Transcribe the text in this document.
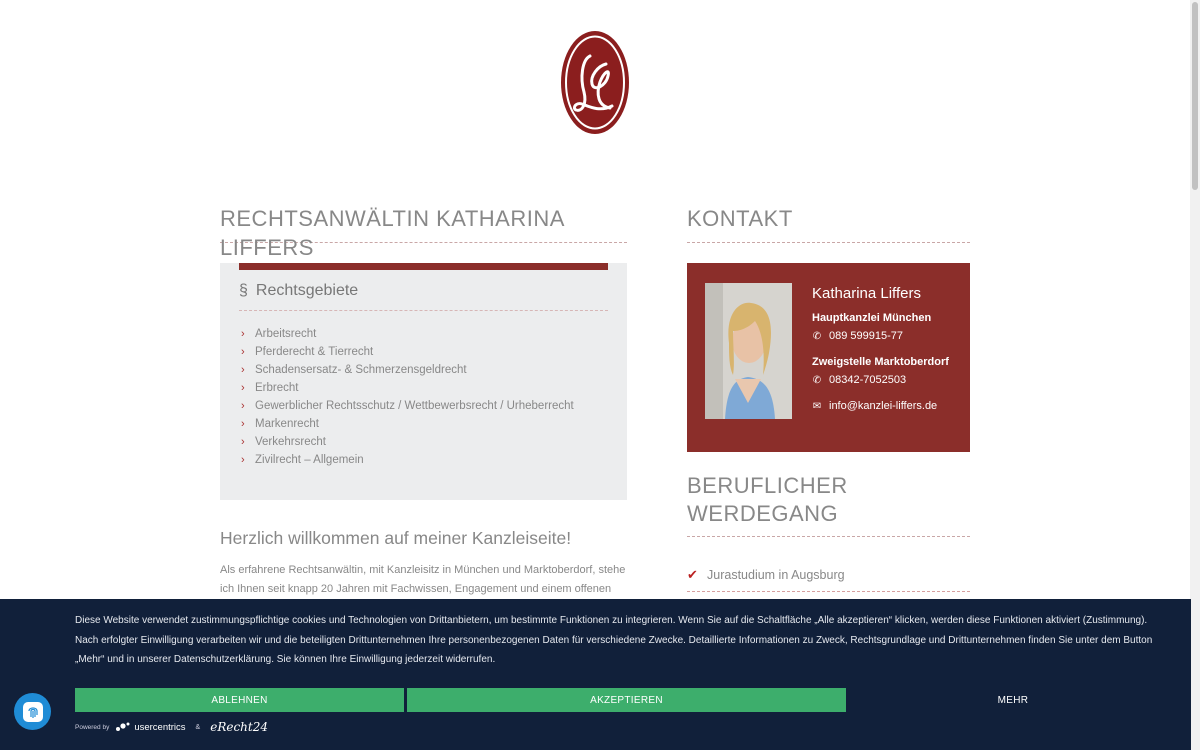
RECHTSANWÄLTIN KATHARINA LIFFERS
§ Rechtsgebiete
› Arbeitsrecht
› Pferderecht & Tierrecht
› Schadensersatz- & Schmerzensgeldrecht
› Erbrecht
› Gewerblicher Rechtsschutz / Wettbewerbsrecht / Urheberrecht
› Markenrecht
› Verkehrsrecht
› Zivilrecht – Allgemein
Herzlich willkommen auf meiner Kanzleiseite!

Als erfahrene Rechtsanwältin, mit Kanzleisitz in München und Marktoberdorf, stehe ich Ihnen seit knapp 20 Jahren mit Fachwissen, Engagement und einem offenen

KONTAKT
Katharina Liffers
Hauptkanzlei München
✆ 089 599915-77
Zweigstelle Marktoberdorf
✆ 08342-7052503
✉ info@kanzlei-liffers.de
BERUFLICHER WERDEGANG
✔ Jurastudium in Augsburg

Diese Website verwendet zustimmungspflichtige cookies und Technologien von Drittanbietern, um bestimmte Funktionen zu integrieren. Wenn Sie auf die Schaltfläche „Alle akzeptieren“ klicken, werden diese Funktionen aktiviert (Zustimmung). Nach erfolgter Einwilligung verarbeiten wir und die beteiligten Drittunternehmen Ihre personenbezogenen Daten für verschiedene Zwecke. Detaillierte Informationen zu Zweck, Rechtsgrundlage und Drittunternehmen finden Sie unter dem Button „Mehr“ und in unserer Datenschutzerklärung. Sie können Ihre Einwilligung jederzeit widerrufen.

ABLEHNEN	AKZEPTIEREN	MEHR
Powered by	usercentrics & eRecht24
